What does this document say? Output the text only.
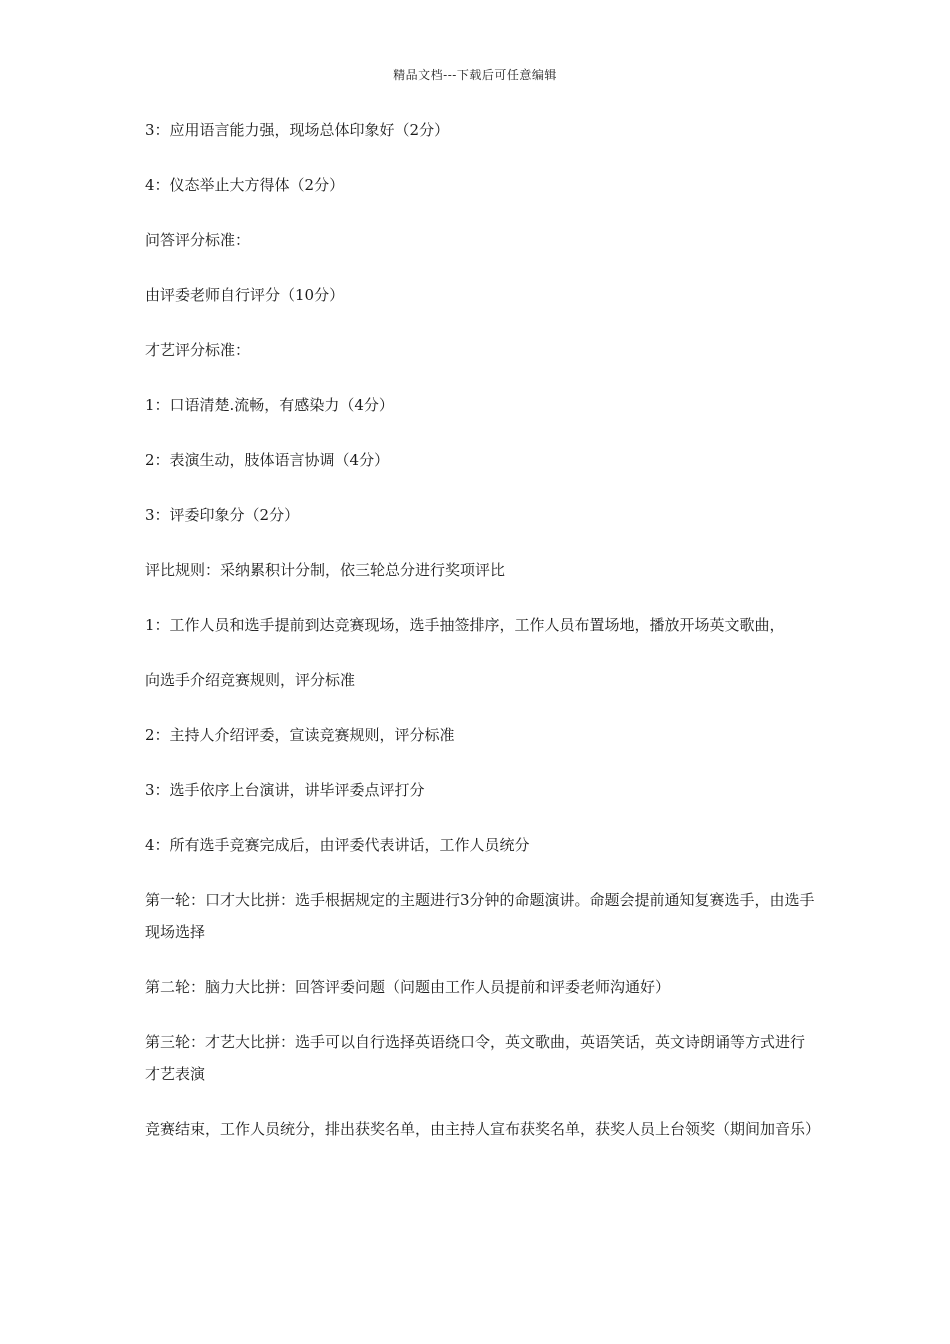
精品文档---下载后可任意编辑

3：应用语言能力强，现场总体印象好（2分）

4：仪态举止大方得体（2分）

问答评分标准：

由评委老师自行评分（10分）

才艺评分标准：

1：口语清楚.流畅，有感染力（4分）

2：表演生动，肢体语言协调（4分）

3：评委印象分（2分）

评比规则：采纳累积计分制，依三轮总分进行奖项评比

1：工作人员和选手提前到达竞赛现场，选手抽签排序，工作人员布置场地，播放开场英文歌曲，

向选手介绍竞赛规则，评分标准

2：主持人介绍评委，宣读竞赛规则，评分标准

3：选手依序上台演讲，讲毕评委点评打分

4：所有选手竞赛完成后，由评委代表讲话，工作人员统分

第一轮：口才大比拼：选手根据规定的主题进行3分钟的命题演讲。命题会提前通知复赛选手，由选手现场选择

第二轮：脑力大比拼：回答评委问题（问题由工作人员提前和评委老师沟通好）

第三轮：才艺大比拼：选手可以自行选择英语绕口令，英文歌曲，英语笑话，英文诗朗诵等方式进行才艺表演

竞赛结束，工作人员统分，排出获奖名单，由主持人宣布获奖名单，获奖人员上台领奖（期间加音乐）
